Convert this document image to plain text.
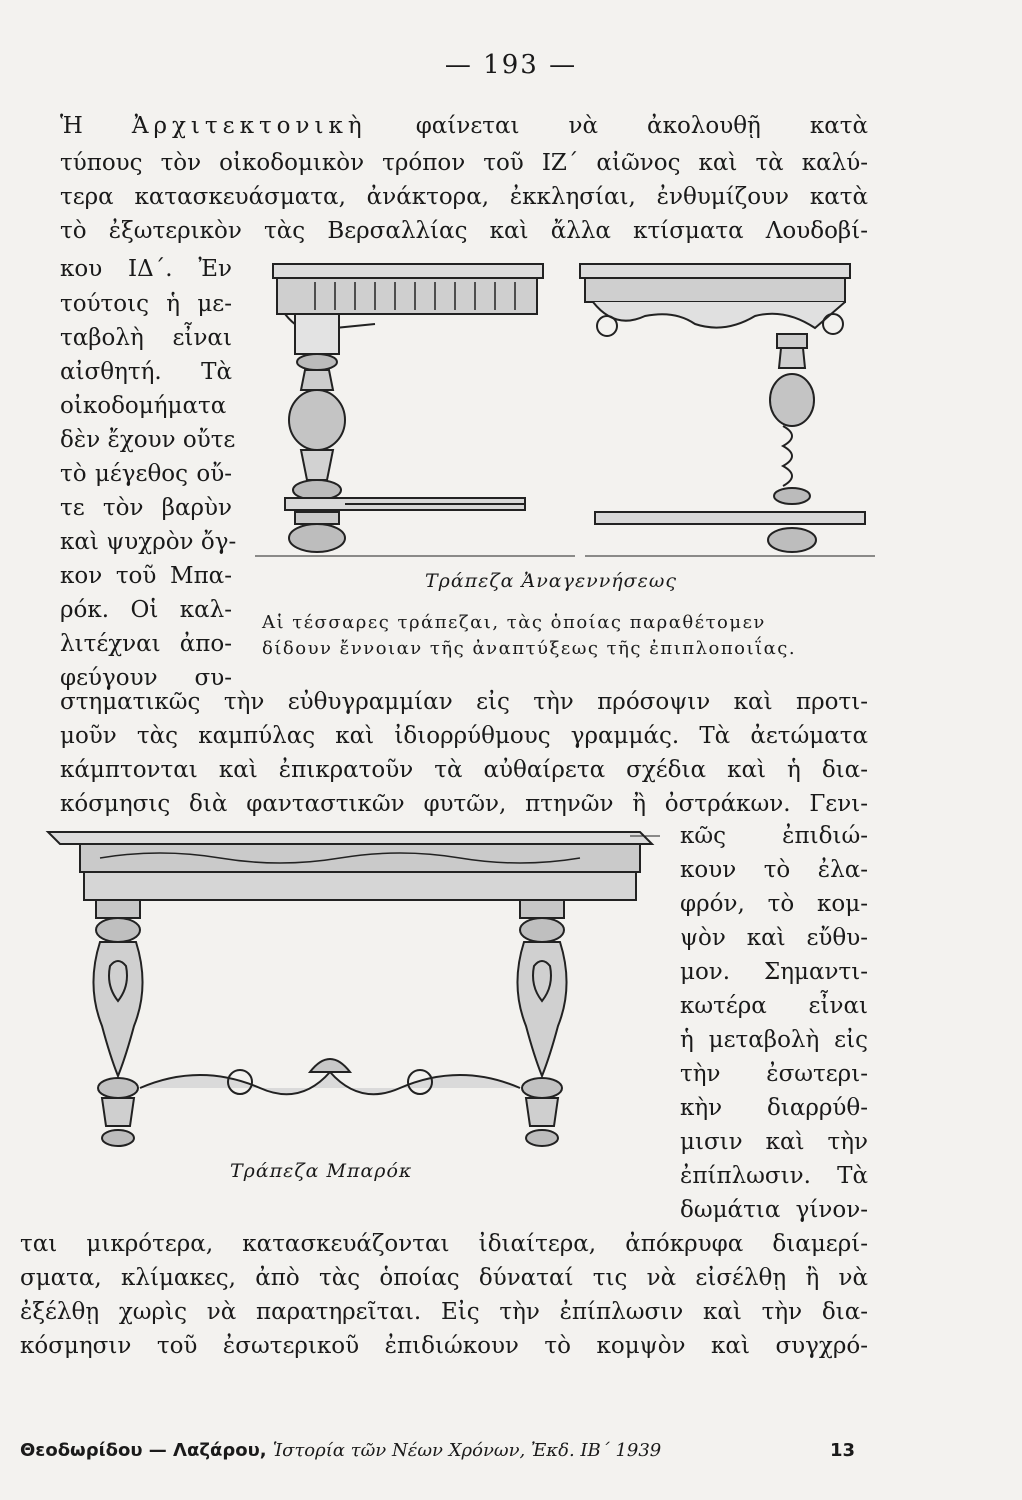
— 193 —
Ἡ Ἀρχιτεκτονικὴ φαίνεται νὰ ἀκολουθῇ κατὰ
τύπους τὸν οἰκοδομικὸν τρόπον τοῦ ΙΖ΄ αἰῶνος καὶ τὰ καλύ-
τερα κατασκευάσματα, ἀνάκτορα, ἐκκλησίαι, ἐνθυμίζουν κατὰ
τὸ ἐξωτερικὸν τὰς Βερσαλλίας καὶ ἄλλα κτίσματα Λουδοβί-
κου ΙΔ΄. Ἐν
τούτοις ἡ με-
ταβολὴ εἶναι
αἰσθητή. Τὰ
οἰκοδομήματα
δὲν ἔχουν οὔτε
τὸ μέγεθος οὔ-
τε τὸν βαρὺν
καὶ ψυχρὸν ὄγ-
κον τοῦ Μπα-
ρόκ. Οἱ καλ-
λιτέχναι ἀπο-
φεύγουν συ-
Τράπεζα Ἀναγεννήσεως
Αἱ τέσσαρες τράπεζαι, τὰς ὁποίας παραθέτομεν
δίδουν ἔννοιαν τῆς ἀναπτύξεως τῆς ἐπιπλοποιΐας.
στηματικῶς τὴν εὐθυγραμμίαν εἰς τὴν πρόσοψιν καὶ προτι-
μοῦν τὰς καμπύλας καὶ ἰδιορρύθμους γραμμάς. Τὰ ἀετώματα
κάμπτονται καὶ ἐπικρατοῦν τὰ αὐθαίρετα σχέδια καὶ ἡ δια-
κόσμησις διὰ φανταστικῶν φυτῶν, πτηνῶν ἢ ὀστράκων. Γενι-
Τράπεζα Μπαρόκ
κῶς ἐπιδιώ-
κουν τὸ ἐλα-
φρόν, τὸ κομ-
ψὸν καὶ εὔθυ-
μον. Σημαντι-
κωτέρα εἶναι
ἡ μεταβολὴ εἰς
τὴν ἐσωτερι-
κὴν διαρρύθ-
μισιν καὶ τὴν
ἐπίπλωσιν. Τὰ
δωμάτια γίνον-
ται μικρότερα, κατασκευάζονται ἰδιαίτερα, ἀπόκρυφα διαμερί-
σματα, κλίμακες, ἀπὸ τὰς ὁποίας δύναταί τις νὰ εἰσέλθῃ ἢ νὰ
ἐξέλθῃ χωρὶς νὰ παρατηρεῖται. Εἰς τὴν ἐπίπλωσιν καὶ τὴν δια-
κόσμησιν τοῦ ἐσωτερικοῦ ἐπιδιώκουν τὸ κομψὸν καὶ συγχρό-
Θεοδωρίδου — Λαζάρου, Ἱστορία τῶν Νέων Χρόνων, Ἐκδ. ΙΒ΄ 1939	13
